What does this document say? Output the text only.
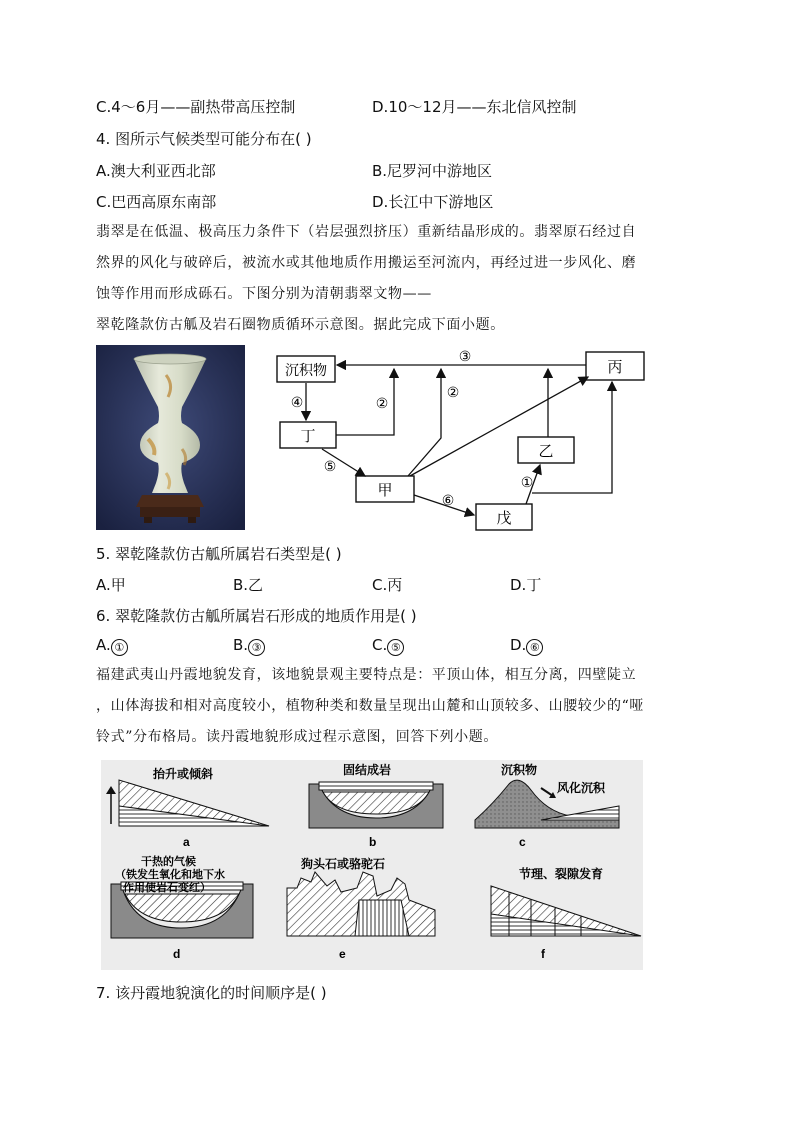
C.4～6月——副热带高压控制	D.10～12月——东北信风控制
4. 图所示气候类型可能分布在( )
A.澳大利亚西北部	B.尼罗河中游地区
C.巴西高原东南部	D.长江中下游地区
翡翠是在低温、极高压力条件下（岩层强烈挤压）重新结晶形成的。翡翠原石经过自
然界的风化与破碎后，被流水或其他地质作用搬运至河流内，再经过进一步风化、磨
蚀等作用而形成砾石。下图分别为清朝翡翠文物——
翠乾隆款仿古觚及岩石圈物质循环示意图。据此完成下面小题。
沉积物
丁
丙
乙
甲
戊
③
④	②
②
⑤
⑥
①
5. 翠乾隆款仿古觚所属岩石类型是( )
A.甲	B.乙	C.丙	D.丁
6. 翠乾隆款仿古觚所属岩石形成的地质作用是( )
A. ①	B. ③	C. ⑤	D. ⑥
福建武夷山丹霞地貌发育，该地貌景观主要特点是：平顶山体，相互分离，四壁陡立
，山体海拔和相对高度较小，植物种类和数量呈现出山麓和山顶较多、山腰较少的“哑
铃式”分布格局。读丹霞地貌形成过程示意图，回答下列小题。
抬升或倾斜
a
固结成岩
b
沉积物
风化沉积
c
干热的气候
（铁发生氧化和地下水
作用使岩石变红）
d
狗头石或骆驼石
e
节理、裂隙发育
f
7. 该丹霞地貌演化的时间顺序是( )
